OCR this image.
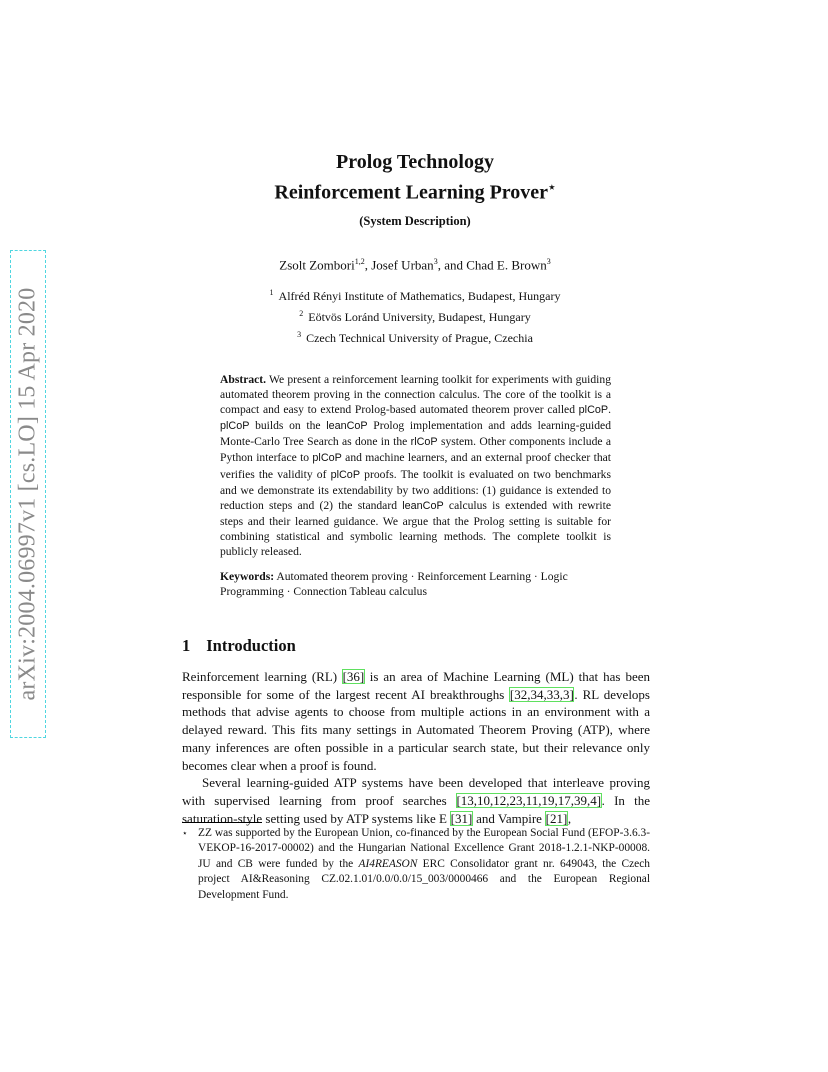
arXiv:2004.06997v1 [cs.LO] 15 Apr 2020
Prolog Technology
Reinforcement Learning Prover⋆
(System Description)
Zsolt Zombori$^{1,2}$, Josef Urban$^3$, and Chad E. Brown$^3$
$^1$ Alfréd Rényi Institute of Mathematics, Budapest, Hungary
$^2$ Eötvös Loránd University, Budapest, Hungary
$^3$ Czech Technical University of Prague, Czechia
Abstract. We present a reinforcement learning toolkit for experiments with guiding automated theorem proving in the connection calculus. The core of the toolkit is a compact and easy to extend Prolog-based automated theorem prover called plCoP. plCoP builds on the leanCoP Prolog implementation and adds learning-guided Monte-Carlo Tree Search as done in the rlCoP system. Other components include a Python interface to plCoP and machine learners, and an external proof checker that verifies the validity of plCoP proofs. The toolkit is evaluated on two benchmarks and we demonstrate its extendability by two additions: (1) guidance is extended to reduction steps and (2) the standard leanCoP calculus is extended with rewrite steps and their learned guidance. We argue that the Prolog setting is suitable for combining statistical and symbolic learning methods. The complete toolkit is publicly released.
Keywords: Automated theorem proving · Reinforcement Learning · Logic Programming · Connection Tableau calculus
1 Introduction

Reinforcement learning (RL) [36] is an area of Machine Learning (ML) that has been responsible for some of the largest recent AI breakthroughs [32,34,33,3]. RL develops methods that advise agents to choose from multiple actions in an environment with a delayed reward. This fits many settings in Automated Theorem Proving (ATP), where many inferences are often possible in a particular search state, but their relevance only becomes clear when a proof is found.

Several learning-guided ATP systems have been developed that interleave proving with supervised learning from proof searches [13,10,12,23,11,19,17,39,4]. In the saturation-style setting used by ATP systems like E [31] and Vampire [21],

⋆ ZZ was supported by the European Union, co-financed by the European Social Fund (EFOP-3.6.3-VEKOP-16-2017-00002) and the Hungarian National Excellence Grant 2018-1.2.1-NKP-00008. JU and CB were funded by the AI4REASON ERC Consolidator grant nr. 649043, the Czech project AI&Reasoning CZ.02.1.01/0.0/0.0/15_003/0000466 and the European Regional Development Fund.
